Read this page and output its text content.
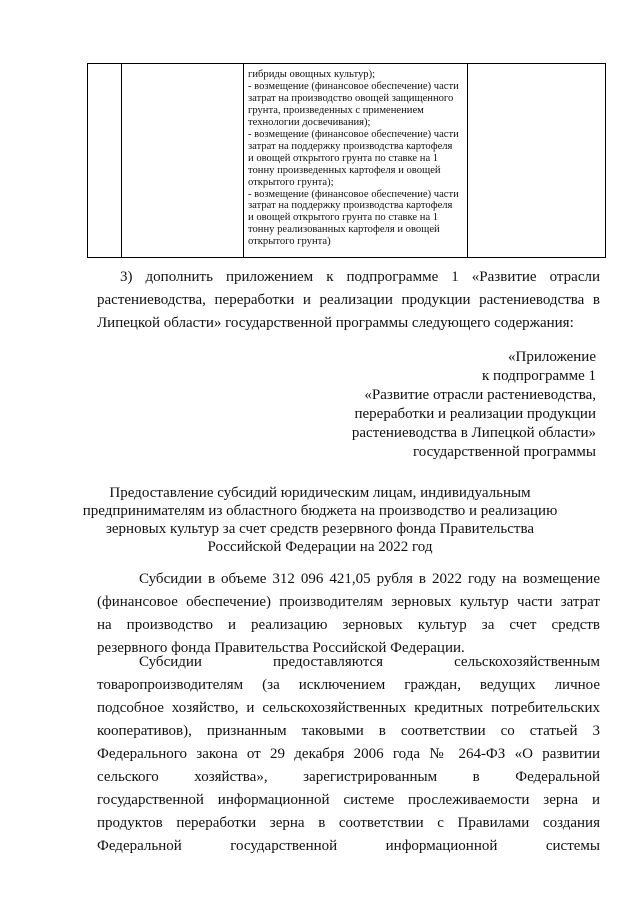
гибриды овощных культур);
- возмещение (финансовое обеспечение) части
затрат на производство овощей защищенного
грунта, произведенных с применением
технологии досвечивания);
- возмещение (финансовое обеспечение) части
затрат на поддержку производства картофеля
и овощей открытого грунта по ставке на 1
тонну произведенных картофеля и овощей
открытого грунта);
- возмещение (финансовое обеспечение) части
затрат на поддержку производства картофеля
и овощей открытого грунта по ставке на 1
тонну реализованных картофеля и овощей
открытого грунта)

3) дополнить приложением к подпрограмме 1 «Развитие отрасли
растениеводства, переработки и реализации продукции растениеводства в
Липецкой области» государственной программы следующего содержания:
«Приложение
к подпрограмме 1
«Развитие отрасли растениеводства,
переработки и реализации продукции
растениеводства в Липецкой области»
государственной программы
Предоставление субсидий юридическим лицам, индивидуальным
предпринимателям из областного бюджета на производство и реализацию
зерновых культур за счет средств резервного фонда Правительства
Российской Федерации на 2022 год
Субсидии в объеме 312 096 421,05 рубля в 2022 году на возмещение
(финансовое обеспечение) производителям зерновых культур части затрат
на производство и реализацию зерновых культур за счет средств
резервного фонда Правительства Российской Федерации.
Субсидии предоставляются сельскохозяйственным
товаропроизводителям (за исключением граждан, ведущих личное
подсобное хозяйство, и сельскохозяйственных кредитных потребительских
кооперативов), признанным таковыми в соответствии со статьей 3
Федерального закона от 29 декабря 2006 года № 264-ФЗ «О развитии
сельского хозяйства», зарегистрированным в Федеральной
государственной информационной системе прослеживаемости зерна и
продуктов переработки зерна в соответствии с Правилами создания
Федеральной государственной информационной системы
